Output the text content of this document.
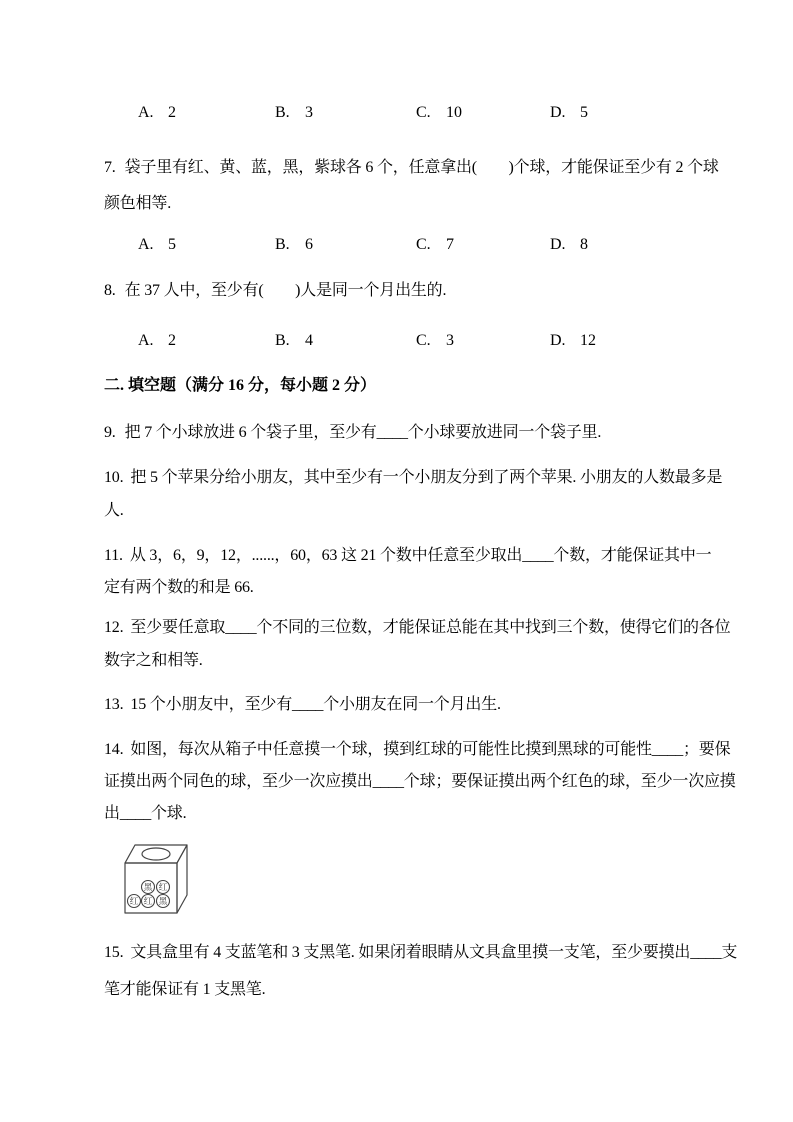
A. 2	B. 3	C. 10	D. 5
7. 袋子里有红、黄、蓝，黑，紫球各 6 个，任意拿出(　　)个球，才能保证至少有 2 个球
颜色相等.
A. 5	B. 6	C. 7	D. 8
8. 在 37 人中，至少有(　　)人是同一个月出生的.
A. 2	B. 4	C. 3	D. 12
二. 填空题（满分 16 分，每小题 2 分）
9. 把 7 个小球放进 6 个袋子里，至少有____个小球要放进同一个袋子里.
10. 把 5 个苹果分给小朋友，其中至少有一个小朋友分到了两个苹果. 小朋友的人数最多是
人.
11. 从 3，6，9，12，......，60，63 这 21 个数中任意至少取出____个数，才能保证其中一
定有两个数的和是 66.
12. 至少要任意取____个不同的三位数，才能保证总能在其中找到三个数，使得它们的各位
数字之和相等.
13. 15 个小朋友中，至少有____个小朋友在同一个月出生.
14. 如图，每次从箱子中任意摸一个球，摸到红球的可能性比摸到黑球的可能性____；要保
证摸出两个同色的球，至少一次应摸出____个球；要保证摸出两个红色的球，至少一次应摸
出____个球.
黑 红
红 红 黑
15. 文具盒里有 4 支蓝笔和 3 支黑笔. 如果闭着眼睛从文具盒里摸一支笔，至少要摸出____支
笔才能保证有 1 支黑笔.
